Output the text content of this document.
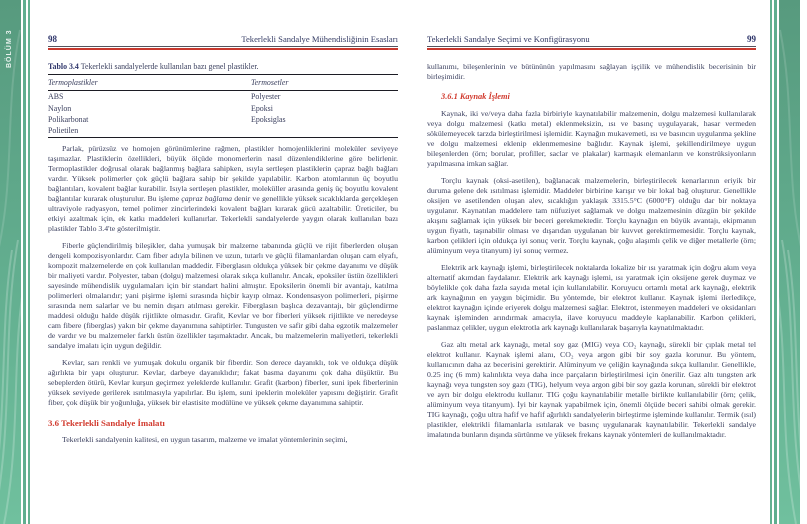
BÖLÜM 3	BÖLÜM 3
98	Tekerlekli Sandalye Mühendisliğinin Esasları
Tablo 3.4 Tekerlekli sandalyelerde kullanılan bazı genel plastikler.
Termoplastikler	Termosetler
ABS	Polyester
Naylon	Epoksi
Polikarbonat	Epoksiglas
Polietilen	

Parlak, pürüzsüz ve homojen görünümlerine rağmen, plastikler homojenliklerini moleküler seviyeye taşımazlar. Plastiklerin özellikleri, büyük ölçüde monomerlerin nasıl düzenlendiklerine göre belirlenir. Termoplastikler doğrusal olarak bağlanmış bağlara sahipken, ısıyla sertleşen plastiklerin çapraz bağlı bağları vardır. Yüksek polimerler çok güçlü bağlara sahip bir şekilde yapılabilir. Karbon atomlarının üç boyutlu bağlantıları, kovalent bağlar kurabilir. Isıyla sertleşen plastikler, moleküller arasında geniş üç boyutlu kovalent bağlantılar kurarak oluşturulur. Bu işleme çapraz bağlama denir ve genellikle yüksek sıcaklıklarda gerçekleşen ultraviyole radyasyon, temel polimer zincirlerindeki kovalent bağları kırarak gücü azaltabilir. Üreticiler, bu etkiyi azaltmak için, ek katkı maddeleri kullanırlar. Tekerlekli sandalyelerde yaygın olarak kullanılan bazı plastikler Tablo 3.4'te gösterilmiştir.

Fiberle güçlendirilmiş bileşikler, daha yumuşak bir malzeme tabanında güçlü ve rijit fiberlerden oluşan dengeli kompozisyonlardır. Cam fiber adıyla bilinen ve uzun, tutarlı ve güçlü filamanlardan oluşan cam elyafı, kompozit malzemelerde en çok kullanılan maddedir. Fiberglasın oldukça yüksek bir çekme dayanımı ve düşük bir maliyeti vardır. Polyester, taban (dolgu) malzemesi olarak sıkça kullanılır. Ancak, epoksiler üstün özellikleri sayesinde mühendislik uygulamaları için bir standart halini almıştır. Epoksilerin önemli bir avantajı, katılma polimerleri olmalarıdır; yani pişirme işlemi sırasında hiçbir kayıp olmaz. Kondensasyon polimerleri, pişirme sırasında nem salarlar ve bu nemin dışarı atılması gerekir. Fiberglasın başlıca dezavantajı, bir güçlendirme maddesi olduğu halde düşük rijitlikte olmasıdır. Grafit, Kevlar ve bor fiberleri yüksek rijitlikte ve neredeyse cam fibere (fiberglas) yakın bir çekme dayanımına sahiptirler. Tungusten ve safir gibi daha egzotik malzemeler de vardır ve bu malzemeler farklı üstün özellikler taşımaktadır. Ancak, bu malzemelerin maliyetleri, tekerlekli sandalye imalatı için uygun değildir.

Kevlar, sarı renkli ve yumuşak dokulu organik bir fiberdir. Son derece dayanıklı, tok ve oldukça düşük ağırlıkta bir yapı oluşturur. Kevlar, darbeye dayanıklıdır; fakat basma dayanımı çok daha düşüktür. Bu sebeplerden ötürü, Kevlar kurşun geçirmez yeleklerde kullanılır. Grafit (karbon) fiberler, suni ipek fiberlerinin yüksek seviyede gerilerek ısıtılmasıyla yapılırlar. Bu işlem, suni ipeklerin moleküler yapısını değiştirir. Grafit fiber, çok düşük bir yoğunluğa, yüksek bir elastisite modülüne ve yüksek çekme dayanımına sahiptir.

3.6 Tekerlekli Sandalye İmalatı

Tekerlekli sandalyenin kalitesi, en uygun tasarım, malzeme ve imalat yöntemlerinin seçimi,

Tekerlekli Sandalye Seçimi ve Konfigürasyonu	99

kullanımı, bileşenlerinin ve bütününün yapılmasını sağlayan işçilik ve mühendislik becerisinin bir birleşimidir.

3.6.1 Kaynak İşlemi

Kaynak, iki ve/veya daha fazla birbiriyle kaynatılabilir malzemenin, dolgu malzemesi kullanılarak veya dolgu malzemesi (katkı metal) eklenmeksizin, ısı ve basınç uygulayarak, hasar vermeden sökülemeyecek tarzda birleştirilmesi işlemidir. Kaynağın mukavemeti, ısı ve basıncın uygulanma şekline ve dolgu malzemesi eklenip eklenmemesine bağlıdır. Kaynak işlemi, şekillendirilmeye uygun bileşenlerden (örn; borular, profiller, saclar ve plakalar) karmaşık elemanların ve konstrüksiyonların yapılmasına imkan sağlar.

Torçlu kaynak (oksi-asetilen), bağlanacak malzemelerin, birleştirilecek kenarlarının eriyik bir duruma gelene dek ısıtılması işlemidir. Maddeler birbirine karışır ve bir lokal bağ oluşturur. Genellikle oksijen ve asetilenden oluşan alev, sıcaklığın yaklaşık 3315.5°C (6000°F) olduğu dar bir noktaya uygulanır. Kaynatılan maddelere tam nüfuziyet sağlamak ve dolgu malzemesinin düzgün bir şekilde akışını sağlamak için yüksek bir beceri gerekmektedir. Torçlu kaynağın en büyük avantajı, ekipmanın uygun fiyatlı, taşınabilir olması ve dışarıdan uygulanan bir kuvvet gerektirmemesidir. Torçlu kaynak, karbon çelikleri için oldukça iyi sonuç verir. Torçlu kaynak, çoğu alaşımlı çelik ve diğer metallerle (örn; alüminyum veya titanyum) iyi sonuç vermez.

Elektrik ark kaynağı işlemi, birleştirilecek noktalarda lokalize bir ısı yaratmak için doğru akım veya alternatif akımdan faydalanır. Elektrik ark kaynağı işlemi, ısı yaratmak için oksijene gerek duymaz ve böylelikle çok daha fazla sayıda metal için kullanılabilir. Koruyucu ortamlı metal ark kaynağı, elektrik ark kaynağının en yaygın biçimidir. Bu yöntemde, bir elektrot kullanır. Kaynak işlemi ilerledikçe, elektrot kaynağın içinde eriyerek dolgu malzemesi sağlar. Elektrot, istenmeyen maddeleri ve oksidanları kaynak işleminden arındırmak amacıyla, ilave koruyucu maddeyle kaplanabilir. Karbon çelikleri, paslanmaz çelikler, uygun elektrotla ark kaynağı kullanılarak başarıyla kaynatılmaktadır.

Gaz altı metal ark kaynağı, metal soy gaz (MIG) veya CO₂ kaynağı, sürekli bir çıplak metal tel elektrot kullanır. Kaynak işlemi alanı, CO₂ veya argon gibi bir soy gazla korunur. Bu yöntem, kullanıcının daha az becerisini gerektirir. Alüminyum ve çeliğin kaynağında sıkça kullanılır. Genellikle, 0.25 inç (6 mm) kalınlıkta veya daha ince parçaların birleştirilmesi için önerilir. Gaz altı tungsten ark kaynağı veya tungsten soy gazı (TIG), helyum veya argon gibi bir soy gazla korunan, sürekli bir elektrot ve ayrı bir dolgu elektrodu kullanır. TIG çoğu kaynatılabilir metalle birlikte kullanılabilir (örn; çelik, alüminyum veya titanyum). İyi bir kaynak yapabilmek için, önemli ölçüde beceri sahibi olmak gerekir. TIG kaynağı, çoğu ultra hafif ve hafif ağırlıklı sandalyelerin birleştirme işleminde kullanılır. Termik (ısıl) plastikler, elektrikli filamanlarla ısıtılarak ve basınç uygulanarak kaynatılabilir. Tekerlekli sandalye imalatında bunların dışında sürtünme ve yüksek frekans kaynak yöntemleri de kullanılmaktadır.
